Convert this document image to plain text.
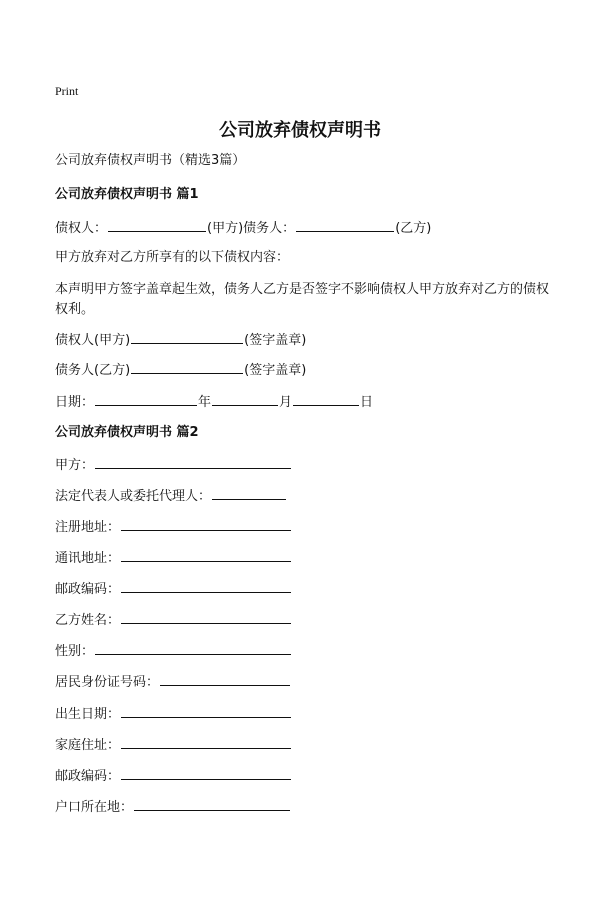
Print
公司放弃债权声明书
公司放弃债权声明书（精选3篇）
公司放弃债权声明书 篇1
债权人：	(甲方)债务人：	(乙方)
甲方放弃对乙方所享有的以下债权内容：
本声明甲方签字盖章起生效，债务人乙方是否签字不影响债权人甲方放弃对乙方的债权权利。
债权人(甲方)	(签字盖章)
债务人(乙方)	(签字盖章)
日期：	年	月	日
公司放弃债权声明书 篇2
甲方：
法定代表人或委托代理人：
注册地址：
通讯地址：
邮政编码：
乙方姓名：
性别：
居民身份证号码：
出生日期：
家庭住址：
邮政编码：
户口所在地：
